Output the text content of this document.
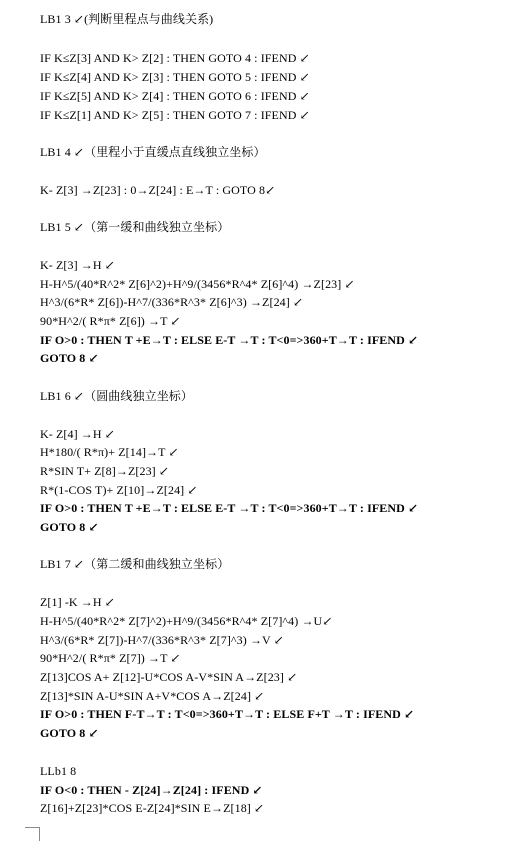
LB1 3 ↙(判断里程点与曲线关系)
IF K≤Z[3] AND K> Z[2] : THEN GOTO 4 : IFEND ↙
IF K≤Z[4] AND K> Z[3] : THEN GOTO 5 : IFEND ↙
IF K≤Z[5] AND K> Z[4] : THEN GOTO 6 : IFEND ↙
IF K≤Z[1] AND K> Z[5] : THEN GOTO 7 : IFEND ↙
LB1 4 ↙（里程小于直缓点直线独立坐标）
K- Z[3] →Z[23] : 0→Z[24] : E→T : GOTO 8↙
LB1 5 ↙（第一缓和曲线独立坐标）
K- Z[3] →H ↙
H-H^5/(40*R^2* Z[6]^2)+H^9/(3456*R^4* Z[6]^4) →Z[23] ↙
H^3/(6*R* Z[6])-H^7/(336*R^3* Z[6]^3) →Z[24] ↙
90*H^2/( R*π* Z[6]) →T ↙
IF O>0 : THEN T +E→T : ELSE E-T →T : T<0=>360+T→T : IFEND ↙
GOTO 8 ↙
LB1 6 ↙（圆曲线独立坐标）
K- Z[4] →H ↙
H*180/( R*π)+ Z[14]→T ↙
R*SIN T+ Z[8]→Z[23] ↙
R*(1-COS T)+ Z[10]→Z[24] ↙
IF O>0 : THEN T +E→T : ELSE E-T →T : T<0=>360+T→T : IFEND ↙
GOTO 8 ↙
LB1 7 ↙（第二缓和曲线独立坐标）
Z[1] -K →H ↙
H-H^5/(40*R^2* Z[7]^2)+H^9/(3456*R^4* Z[7]^4) →U↙
H^3/(6*R* Z[7])-H^7/(336*R^3* Z[7]^3) →V ↙
90*H^2/( R*π* Z[7]) →T ↙
Z[13]COS A+ Z[12]-U*COS A-V*SIN A→Z[23] ↙
Z[13]*SIN A-U*SIN A+V*COS A→Z[24] ↙
IF O>0 : THEN F-T→T : T<0=>360+T→T : ELSE F+T →T : IFEND ↙
GOTO 8 ↙
LLb1 8
IF O<0 : THEN - Z[24]→Z[24] : IFEND ↙
Z[16]+Z[23]*COS E-Z[24]*SIN E→Z[18] ↙
